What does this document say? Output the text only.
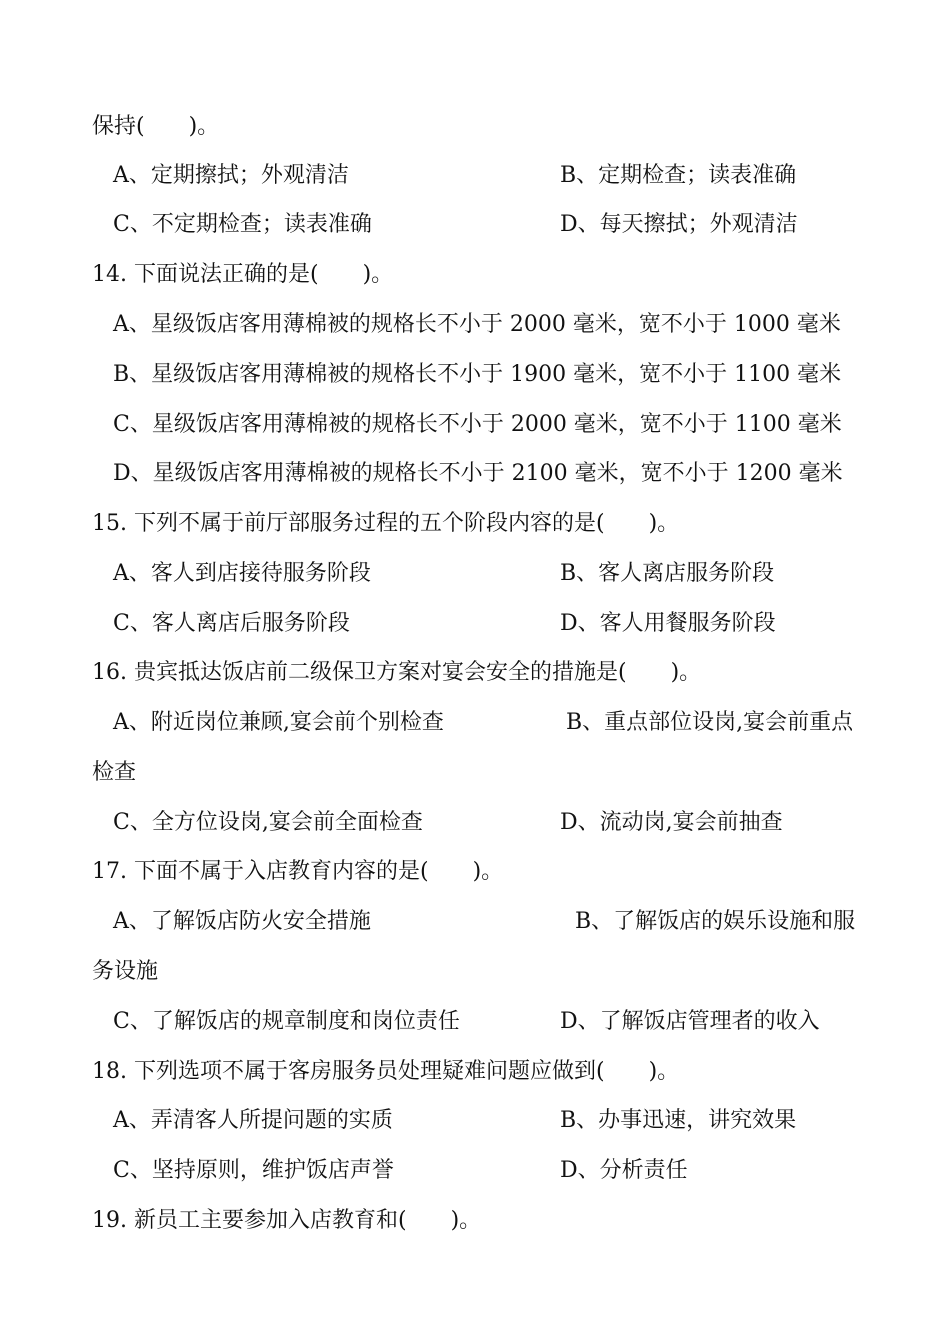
保持(　　)。
A、定期擦拭；外观清洁	B、定期检查；读表准确
C、不定期检查；读表准确	D、每天擦拭；外观清洁
14. 下面说法正确的是(　　)。
A、星级饭店客用薄棉被的规格长不小于 2000 毫米，宽不小于 1000 毫米
B、星级饭店客用薄棉被的规格长不小于 1900 毫米，宽不小于 1100 毫米
C、星级饭店客用薄棉被的规格长不小于 2000 毫米，宽不小于 1100 毫米
D、星级饭店客用薄棉被的规格长不小于 2100 毫米，宽不小于 1200 毫米
15. 下列不属于前厅部服务过程的五个阶段内容的是(　　)。
A、客人到店接待服务阶段	B、客人离店服务阶段
C、客人离店后服务阶段	D、客人用餐服务阶段
16. 贵宾抵达饭店前二级保卫方案对宴会安全的措施是(　　)。
A、附近岗位兼顾,宴会前个别检查	B、重点部位设岗,宴会前重点
检查
C、全方位设岗,宴会前全面检查	D、流动岗,宴会前抽查
17. 下面不属于入店教育内容的是(　　)。
A、了解饭店防火安全措施	B、了解饭店的娱乐设施和服
务设施
C、了解饭店的规章制度和岗位责任	D、了解饭店管理者的收入
18. 下列选项不属于客房服务员处理疑难问题应做到(　　)。
A、弄清客人所提问题的实质	B、办事迅速，讲究效果
C、坚持原则，维护饭店声誉	D、分析责任
19. 新员工主要参加入店教育和(　　)。
